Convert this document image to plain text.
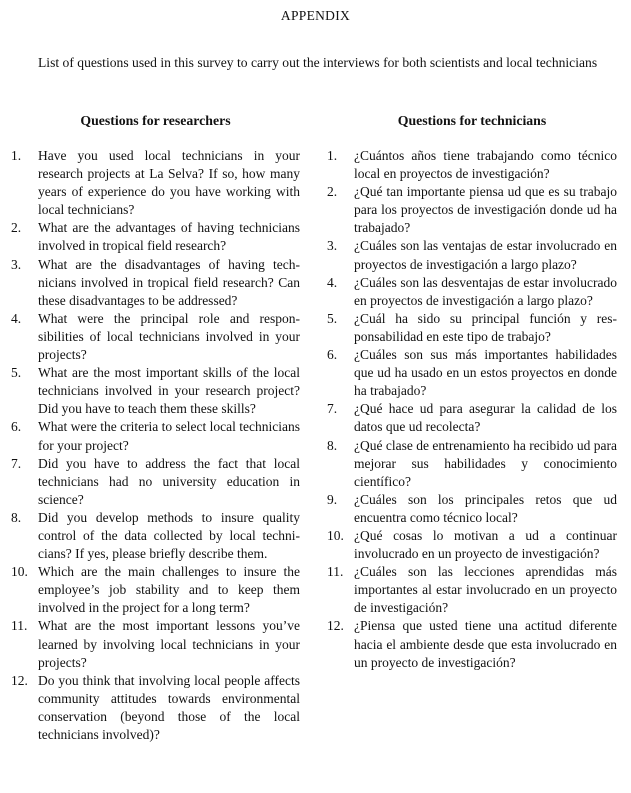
APPENDIX

List of questions used in this survey to carry out the interviews for both scientists and local technicians

Questions for researchers
1.	Have you used local technicians in your research projects at La Selva? If so, how many years of experience do you have working with local technicians?
2.	What are the advantages of having technicians involved in tropical field research?
3.	What are the disadvantages of having technicians involved in tropical field research? Can these disadvantages to be addressed?
4.	What were the principal role and responsibilities of local technicians involved in your projects?
5.	What are the most important skills of the local technicians involved in your research project? Did you have to teach them these skills?
6.	What were the criteria to select local technicians for your project?
7.	Did you have to address the fact that local technicians had no university education in science?
8.	Did you develop methods to insure quality control of the data collected by local technicians? If yes, please briefly describe them.
10. Which are the main challenges to insure the employee’s job stability and to keep them involved in the project for a long term?
11. What are the most important lessons you’ve learned by involving local technicians in your projects?
12. Do you think that involving local people affects community attitudes towards environmental conservation (beyond those of the local technicians involved)?
Questions for technicians
1.	¿Cuántos años tiene trabajando como técnico local en proyectos de investigación?
2.	¿Qué tan importante piensa ud que es su trabajo para los proyectos de investigación donde ud ha trabajado?
3.	¿Cuáles son las ventajas de estar involucrado en proyectos de investigación a largo plazo?
4.	¿Cuáles son las desventajas de estar involucrado en proyectos de investigación a largo plazo?
5.	¿Cuál ha sido su principal función y responsabilidad en este tipo de trabajo?
6.	¿Cuáles son sus más importantes habilidades que ud ha usado en un estos proyectos en donde ha trabajado?
7.	¿Qué hace ud para asegurar la calidad de los datos que ud recolecta?
8.	¿Qué clase de entrenamiento ha recibido ud para mejorar sus habilidades y conocimiento científico?
9.	¿Cuáles son los principales retos que ud encuentra como técnico local?
10. ¿Qué cosas lo motivan a ud a continuar involucrado en un proyecto de investigación?
11. ¿Cuáles son las lecciones aprendidas más importantes al estar involucrado en un proyecto de investigación?
12. ¿Piensa que usted tiene una actitud diferente hacia el ambiente desde que esta involucrado en un proyecto de investigación?
